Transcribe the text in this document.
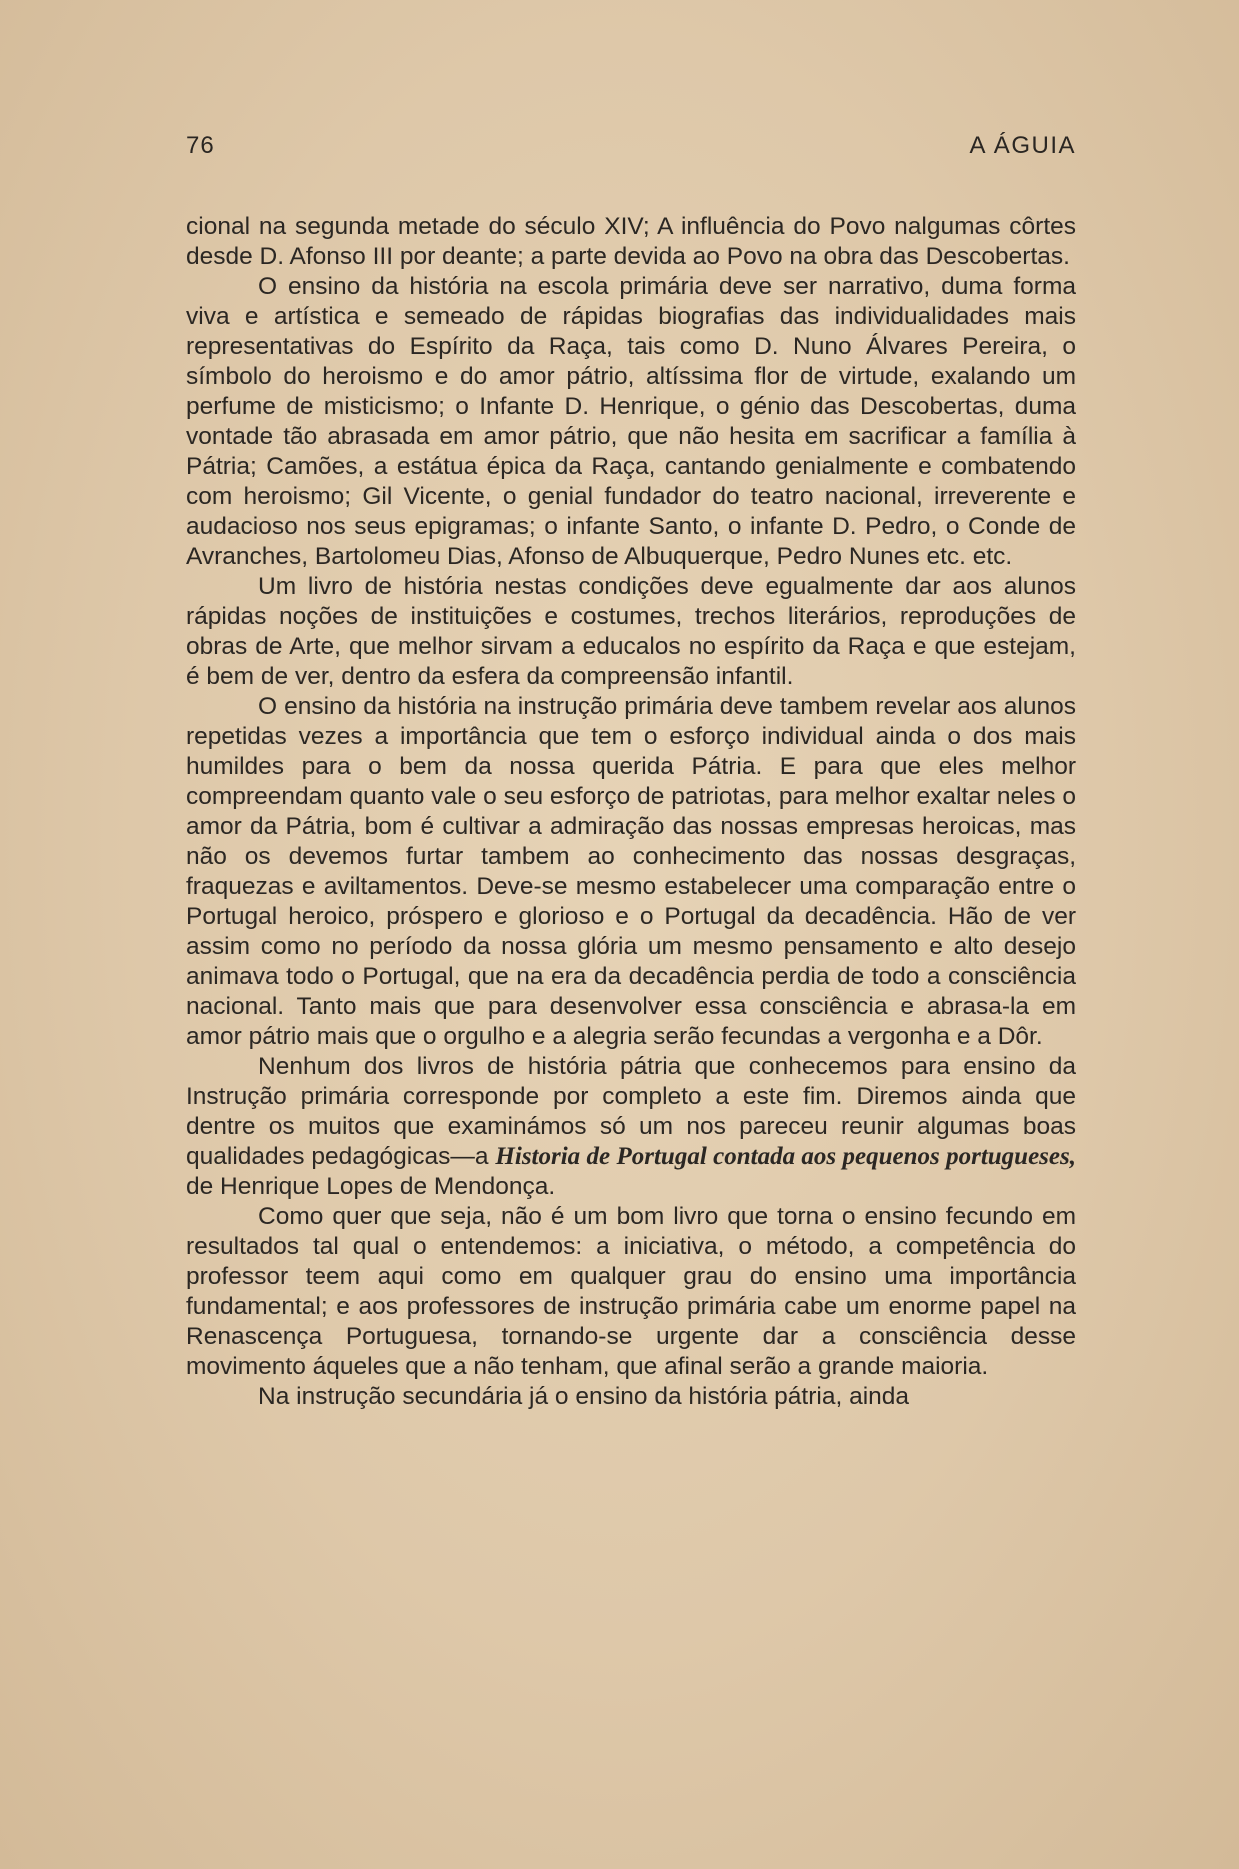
76	A ÁGUIA

cional na segunda metade do século XIV; A influência do Povo nalgumas côrtes desde D. Afonso III por deante; a parte devida ao Povo na obra das Descobertas.

O ensino da história na escola primária deve ser narrativo, duma forma viva e artística e semeado de rápidas biografias das individualidades mais representativas do Espírito da Raça, tais como D. Nuno Álvares Pereira, o símbolo do heroismo e do amor pátrio, altíssima flor de virtude, exalando um perfume de misticismo; o Infante D. Henrique, o génio das Descobertas, duma vontade tão abrasada em amor pátrio, que não hesita em sacrificar a família à Pátria; Camões, a estátua épica da Raça, cantando genialmente e combatendo com heroismo; Gil Vicente, o genial fundador do teatro nacional, irreverente e audacioso nos seus epigramas; o infante Santo, o infante D. Pedro, o Conde de Avranches, Bartolomeu Dias, Afonso de Albuquerque, Pedro Nunes etc. etc.

Um livro de história nestas condições deve egualmente dar aos alunos rápidas noções de instituições e costumes, trechos literários, reproduções de obras de Arte, que melhor sirvam a educalos no espírito da Raça e que estejam, é bem de ver, dentro da esfera da compreensão infantil.

O ensino da história na instrução primária deve tambem revelar aos alunos repetidas vezes a importância que tem o esforço individual ainda o dos mais humildes para o bem da nossa querida Pátria. E para que eles melhor compreendam quanto vale o seu esforço de patriotas, para melhor exaltar neles o amor da Pátria, bom é cultivar a admiração das nossas empresas heroicas, mas não os devemos furtar tambem ao conhecimento das nossas desgraças, fraquezas e aviltamentos. Deve-se mesmo estabelecer uma comparação entre o Portugal heroico, próspero e glorioso e o Portugal da decadência. Hão de ver assim como no período da nossa glória um mesmo pensamento e alto desejo animava todo o Portugal, que na era da decadência perdia de todo a consciência nacional. Tanto mais que para desenvolver essa consciência e abrasa-la em amor pátrio mais que o orgulho e a alegria serão fecundas a vergonha e a Dôr.

Nenhum dos livros de história pátria que conhecemos para ensino da Instrução primária corresponde por completo a este fim. Diremos ainda que dentre os muitos que examinámos só um nos pareceu reunir algumas boas qualidades pedagógicas—a Historia de Portugal contada aos pequenos portugueses, de Henrique Lopes de Mendonça.

Como quer que seja, não é um bom livro que torna o ensino fecundo em resultados tal qual o entendemos: a iniciativa, o método, a competência do professor teem aqui como em qualquer grau do ensino uma importância fundamental; e aos professores de instrução primária cabe um enorme papel na Renascença Portuguesa, tornando-se urgente dar a consciência desse movimento áqueles que a não tenham, que afinal serão a grande maioria.

Na instrução secundária já o ensino da história pátria, ainda
